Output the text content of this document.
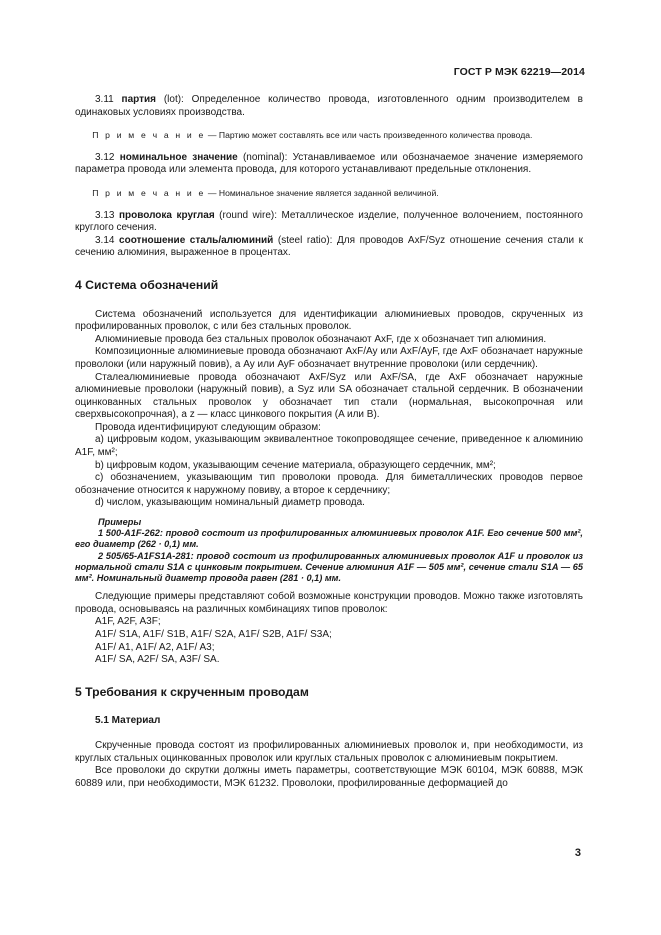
ГОСТ Р МЭК 62219—2014

    3.11 партия (lot): Определенное количество провода, изготовленного одним производителем в одинаковых условиях производства.

    П р и м е ч а н и е — Партию может составлять все или часть произведенного количества провода.

    3.12 номинальное значение (nominal): Устанавливаемое или обозначаемое значение измеряемого параметра провода или элемента провода, для которого устанавливают предельные отклонения.

    П р и м е ч а н и е — Номинальное значение является заданной величиной.

    3.13 проволока круглая (round wire): Металлическое изделие, полученное волочением, постоянного круглого сечения.

    3.14 соотношение сталь/алюминий (steel ratio): Для проводов AxF/Syz отношение сечения стали к сечению алюминия, выраженное в процентах.

4 Система обозначений

    Система обозначений используется для идентификации алюминиевых проводов, скрученных из профилированных проволок, с или без стальных проволок.

    Алюминиевые провода без стальных проволок обозначают AxF, где x обозначает тип алюминия.

    Композиционные алюминиевые провода обозначают AxF/Ay или AxF/AyF, где AxF обозначает наружные проволоки (или наружный повив), а Ay или AyF обозначает внутренние проволоки (или сердечник).

    Сталеалюминиевые провода обозначают AxF/Syz или AxF/SA, где AxF обозначает наружные алюминиевые проволоки (наружный повив), а Syz или SA обозначает стальной сердечник. В обозначении оцинкованных стальных проволок y обозначает тип стали (нормальная, высокопрочная или сверхвысокопрочная), а z — класс цинкового покрытия (A или B).

    Провода идентифицируют следующим образом:

    a) цифровым кодом, указывающим эквивалентное токопроводящее сечение, приведенное к алюминию A1F, мм²;

    b) цифровым кодом, указывающим сечение материала, образующего сердечник, мм²;

    c) обозначением, указывающим тип проволоки провода. Для биметаллических проводов первое обозначение относится к наружному повиву, а второе к сердечнику;

    d) числом, указывающим номинальный диаметр провода.

     Примеры

     1 500-A1F-262: провод состоит из профилированных алюминиевых проволок A1F. Его сечение 500 мм², его диаметр (262 · 0,1) мм.

     2 505/65-A1FS1A-281: провод состоит из профилированных алюминиевых проволок A1F и проволок из нормальной стали S1A с цинковым покрытием. Сечение алюминия A1F — 505 мм², сечение стали S1A — 65 мм². Номинальный диаметр провода равен (281 · 0,1) мм.

    Следующие примеры представляют собой возможные конструкции проводов. Можно также изготовлять провода, основываясь на различных комбинациях типов проволок:

    A1F, A2F, A3F;

    A1F/ S1A, A1F/ S1B, A1F/ S2A, A1F/ S2B, A1F/ S3A;

    A1F/ A1, A1F/ A2, A1F/ A3;

    A1F/ SA, A2F/ SA, A3F/ SA.

5 Требования к скрученным проводам

    5.1 Материал

    Скрученные провода состоят из профилированных алюминиевых проволок и, при необходимости, из круглых стальных оцинкованных проволок или круглых стальных проволок с алюминиевым покрытием.

    Все проволоки до скрутки должны иметь параметры, соответствующие МЭК 60104, МЭК 60888, МЭК 60889 или, при необходимости, МЭК 61232. Проволоки, профилированные деформацией до

3
